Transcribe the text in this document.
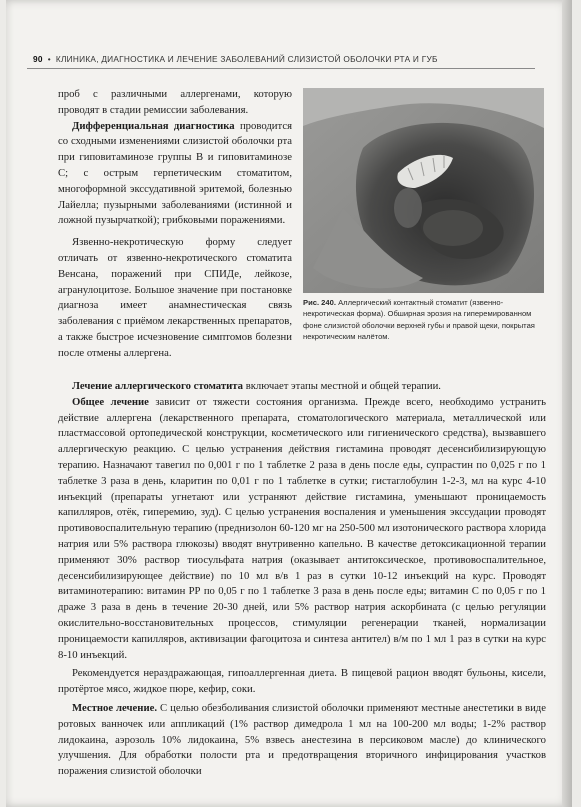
90 • КЛИНИКА, ДИАГНОСТИКА И ЛЕЧЕНИЕ ЗАБОЛЕВАНИЙ СЛИЗИСТОЙ ОБОЛОЧКИ РТА И ГУБ

проб с различными аллергенами, которую проводят в стадии ремиссии заболевания.

Дифференциальная диагностика проводится со сходными изменениями слизистой оболочки рта при гиповитаминозе группы В и гиповитаминозе С; с острым герпетическим стоматитом, многоформной экссудативной эритемой, болезнью Лайелла; пузырными заболеваниями (истинной и ложной пузырчаткой); грибковыми поражениями.

Язвенно-некротическую форму следует отличать от язвенно-некротического стоматита Венсана, поражений при СПИДе, лейкозе, агранулоцитозе. Большое значение при постановке диагноза имеет анамнестическая связь заболевания с приёмом лекарственных препаратов, а также быстрое исчезновение симптомов болезни после отмены аллергена.

Рис. 240. Аллергический контактный стоматит (язвенно-некротическая форма). Обширная эрозия на гиперемированном фоне слизистой оболочки верхней губы и правой щеки, покрытая некротическим налётом.

Лечение аллергического стоматита включает этапы местной и общей терапии.

Общее лечение зависит от тяжести состояния организма. Прежде всего, необходимо устранить действие аллергена (лекарственного препарата, стоматологического материала, металлической или пластмассовой ортопедической конструкции, косметического или гигиенического средства), вызвавшего аллергическую реакцию. С целью устранения действия гистамина проводят десенсибилизирующую терапию. Назначают тавегил по 0,001 г по 1 таблетке 2 раза в день после еды, супрастин по 0,025 г по 1 таблетке 3 раза в день, кларитин по 0,01 г по 1 таблетке в сутки; гистаглобулин 1-2-3, мл на курс 4-10 инъекций (препараты угнетают или устраняют действие гистамина, уменьшают проницаемость капилляров, отёк, гиперемию, зуд). С целью устранения воспаления и уменьшения экссудации проводят противовоспалительную терапию (преднизолон 60-120 мг на 250-500 мл изотонического раствора хлорида натрия или 5% раствора глюкозы) вводят внутривенно капельно. В качестве детоксикационной терапии применяют 30% раствор тиосульфата натрия (оказывает антитоксическое, противовоспалительное, десенсибилизирующее действие) по 10 мл в/в 1 раз в сутки 10-12 инъекций на курс. Проводят витаминотерапию: витамин РР по 0,05 г по 1 таблетке 3 раза в день после еды; витамин С по 0,05 г по 1 драже 3 раза в день в течение 20-30 дней, или 5% раствор натрия аскорбината (с целью регуляции окислительно-восстановительных процессов, стимуляции регенерации тканей, нормализации проницаемости капилляров, активизации фагоцитоза и синтеза антител) в/м по 1 мл 1 раз в сутки на курс 8-10 инъекций.

Рекомендуется нераздражающая, гипоаллергенная диета. В пищевой рацион вводят бульоны, кисели, протёртое мясо, жидкое пюре, кефир, соки.

Местное лечение. С целью обезболивания слизистой оболочки применяют местные анестетики в виде ротовых ванночек или аппликаций (1% раствор димедрола 1 мл на 100-200 мл воды; 1-2% раствор лидокаина, аэрозоль 10% лидокаина, 5% взвесь анестезина в персиковом масле) до клинического улучшения. Для обработки полости рта и предотвращения вторичного инфицирования участков поражения слизистой оболочки
